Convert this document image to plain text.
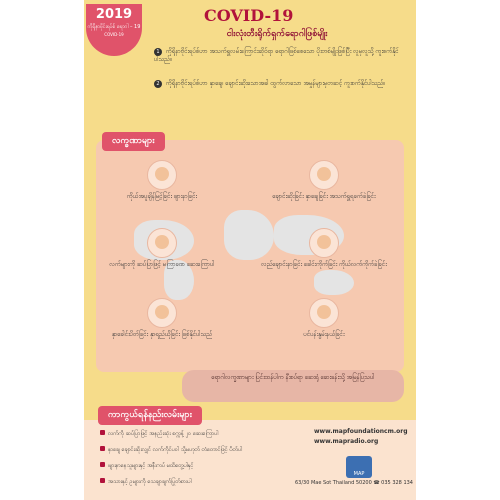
2019
ကိုရိုနာဗိုင်းရပ်စ် ရောဂါ – 19
COVID-19
COVID-19
ငါးလုံးတီးရိုက်ရှက်ရောဂါဖြစ်မျိုး
1 ကိုရိုနာဗိုင်းရပ်စ်ဟာ အသက်ရှူလမ်းကြောင်းဆိုင်ရာ ရောဂါဖြစ်စေသော ပိုးတစ်မျိုးဖြစ်ပြီး လူမှလူသို့ ကူးစက်နိုင်ပါသည်။
2 ကိုရိုနာဗိုင်းရပ်စ်ဟာ နှာချေ၊ ချောင်းဆိုးသောအခါ ထွက်လာသော အမှုန်များမှတဆင့် ကူးစက်နိုင်ပါသည်။
လက္ခဏာများ
ကိုယ်အပူချိန်မြင့်ခြင်း ဖျားနာခြင်း	ချောင်းဆိုးခြင်း နှာချေခြင်း အသက်ရှူရခက်ခဲခြင်း
လက်များကို ဆပ်ပြာဖြင့် မကြာခဏ ဆေးကြောပါ	လည်ချောင်းနာခြင်း ခေါင်းကိုက်ခြင်း ကိုယ်လက်ကိုက်ခဲခြင်း
နှာခေါင်းပိတ်ခြင်း နှာရည်ယိုခြင်း ဖြစ်နိုင်ပါသည်	ပင်ပန်းနွမ်းနယ်ခြင်း
ရောဂါလက္ခဏာများ ပြင်းထန်ပါက နီးစပ်ရာ ဆေးရုံ ဆေးခန်းသို့ အမြန်ပြသပါ
ကာကွယ်ရန်နည်းလမ်းများ
လက်ကို ဆပ်ပြာဖြင့် အနည်းဆုံး စက္ကန့် ၂၀ ဆေးကြောပါ
နှာချေ ချောင်းဆိုးလျှင် လက်ကိုင်ပဝါ သို့မဟုတ် တံတောင်ဖြင့် ပိတ်ပါ
ဖျားနာနေသူများနှင့် အနီးကပ် မထိတွေ့ပါနှင့်
အသားနှင့် ဥများကို သေချာချက်ပြုတ်စားပါ
www.mapfoundationcm.org
www.mapradio.org
MAP
63/30 Mae Sot Thailand 50200 ☎ 035 328 134
